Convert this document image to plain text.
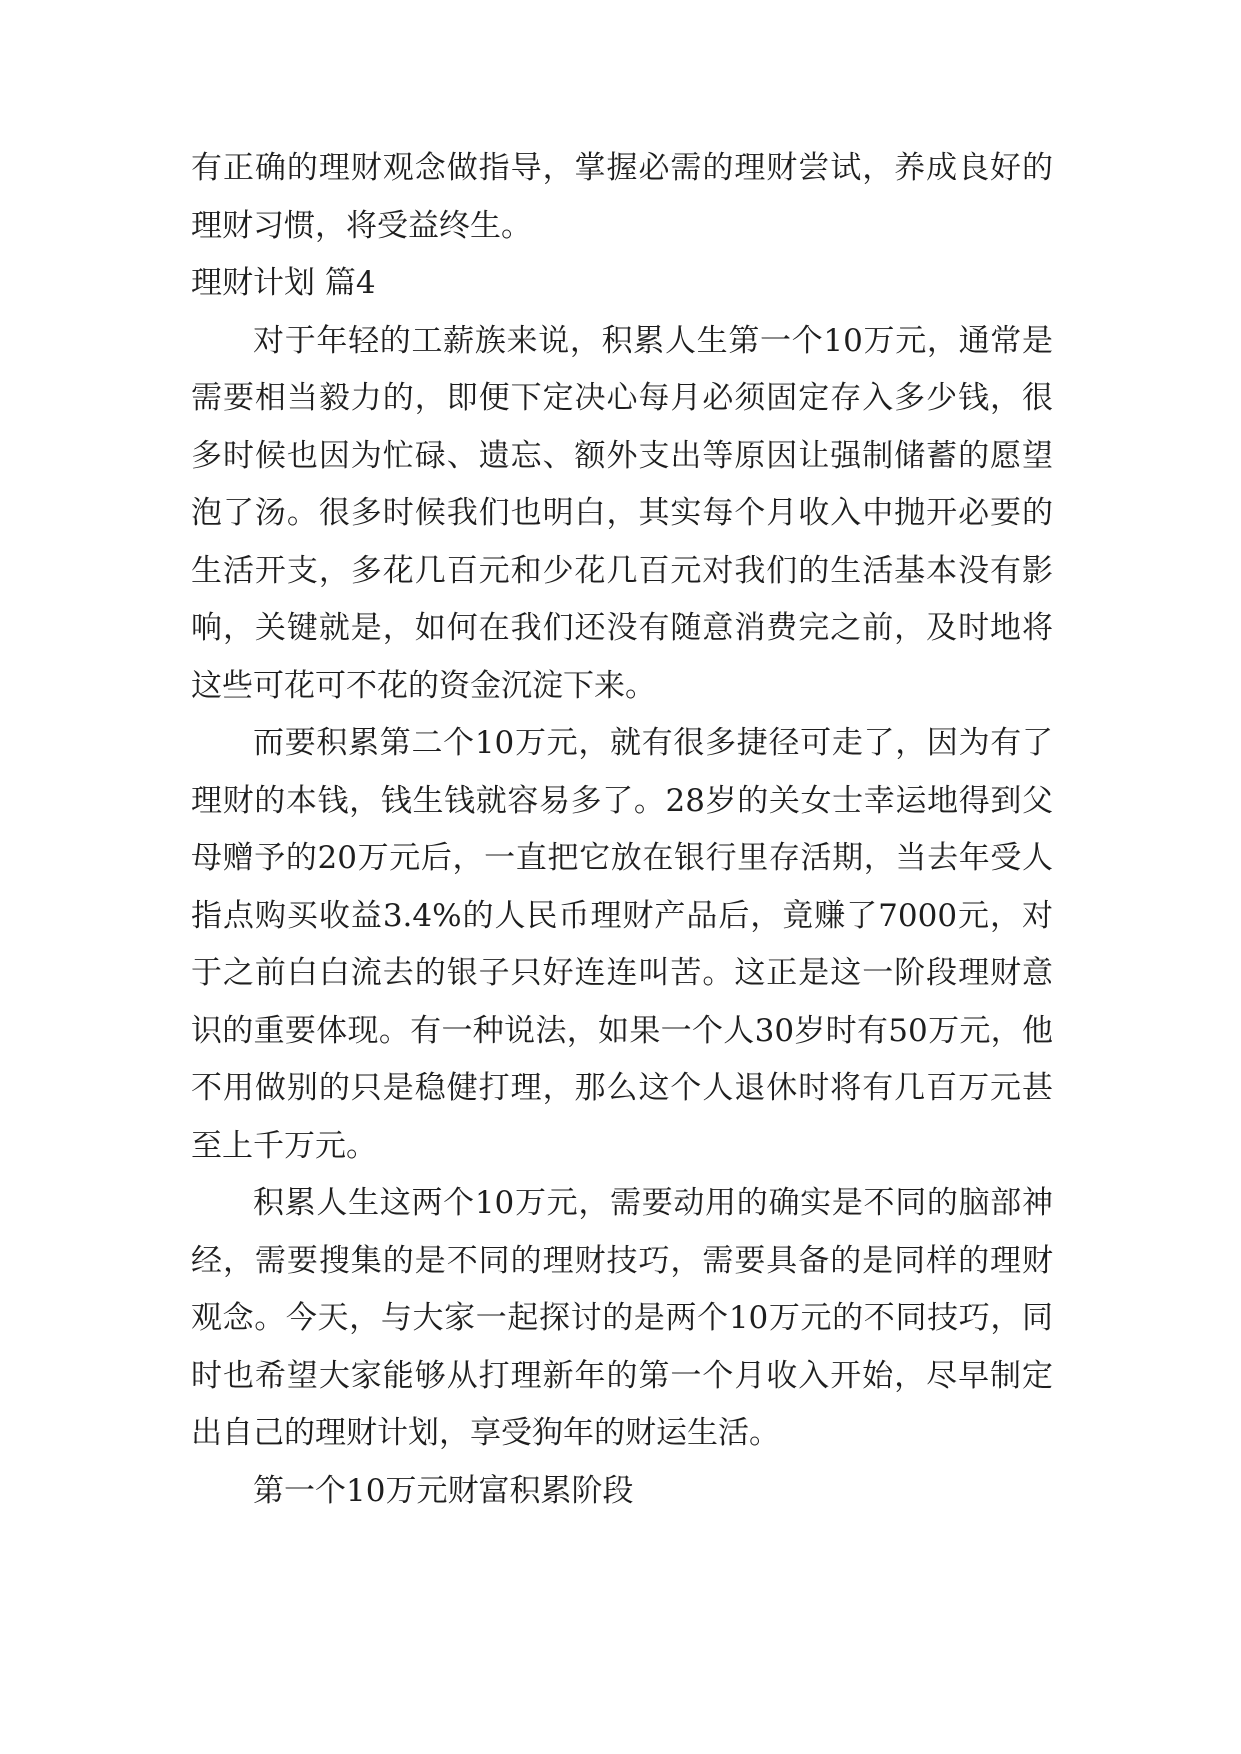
有正确的理财观念做指导，掌握必需的理财尝试，养成良好的理财习惯，将受益终生。

理财计划 篇4

对于年轻的工薪族来说，积累人生第一个10万元，通常是需要相当毅力的，即便下定决心每月必须固定存入多少钱，很多时候也因为忙碌、遗忘、额外支出等原因让强制储蓄的愿望泡了汤。很多时候我们也明白，其实每个月收入中抛开必要的生活开支，多花几百元和少花几百元对我们的生活基本没有影响，关键就是，如何在我们还没有随意消费完之前，及时地将这些可花可不花的资金沉淀下来。

而要积累第二个10万元，就有很多捷径可走了，因为有了理财的本钱，钱生钱就容易多了。28岁的关女士幸运地得到父母赠予的20万元后，一直把它放在银行里存活期，当去年受人指点购买收益3.4%的人民币理财产品后，竟赚了7000元，对于之前白白流去的银子只好连连叫苦。这正是这一阶段理财意识的重要体现。有一种说法，如果一个人30岁时有50万元，他不用做别的只是稳健打理，那么这个人退休时将有几百万元甚至上千万元。

积累人生这两个10万元，需要动用的确实是不同的脑部神经，需要搜集的是不同的理财技巧，需要具备的是同样的理财观念。今天，与大家一起探讨的是两个10万元的不同技巧，同时也希望大家能够从打理新年的第一个月收入开始，尽早制定出自己的理财计划，享受狗年的财运生活。

第一个10万元财富积累阶段
